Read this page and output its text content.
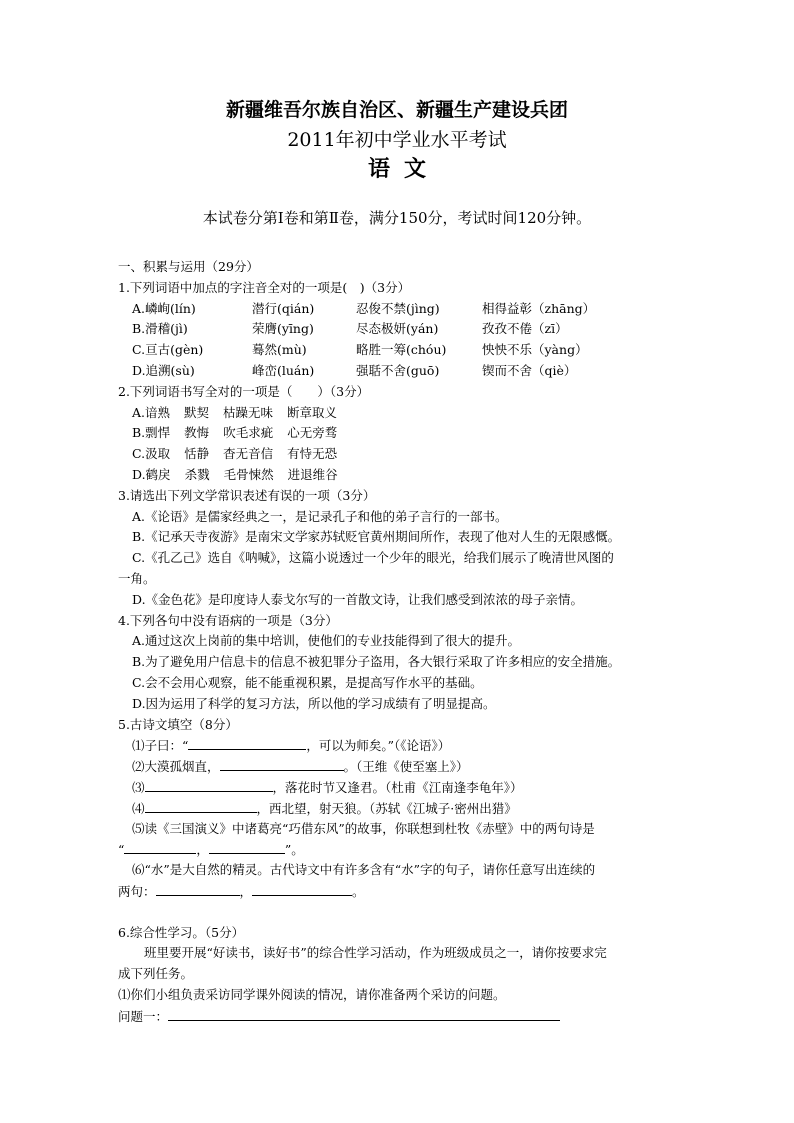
新疆维吾尔族自治区、新疆生产建设兵团
2011年初中学业水平考试
语文
本试卷分第Ⅰ卷和第Ⅱ卷，满分150分，考试时间120分钟。
一、积累与运用（29分）
1.下列词语中加点的字注音全对的一项是(　)（3分）
A.嶙峋(lín)	潜行(qián)	忍俊不禁(jìng)	相得益彰（zhāng）
B.滑稽(jì)	荣膺(yīng)	尽态极妍(yán)	孜孜不倦（zī）
C.亘古(gèn)	蓦然(mù)	略胜一筹(chóu)	怏怏不乐（yàng）
D.追溯(sù)	峰峦(luán)	强聒不舍(guō)	锲而不舍（qiè）
2.下列词语书写全对的一项是（　　）（3分）
A.谙熟 默契 枯躁无味 断章取义
B.剽悍 教悔 吹毛求疵 心无旁骛
C.汲取 恬静 杳无音信 有恃无恐
D.鹤戾 杀戮 毛骨悚然 进退维谷
3.请选出下列文学常识表述有误的一项（3分）
A.《论语》是儒家经典之一，是记录孔子和他的弟子言行的一部书。
B.《记承天寺夜游》是南宋文学家苏轼贬官黄州期间所作，表现了他对人生的无限感慨。
C.《孔乙己》选自《呐喊》，这篇小说透过一个少年的眼光，给我们展示了晚清世风图的
一角。
D.《金色花》是印度诗人泰戈尔写的一首散文诗，让我们感受到浓浓的母子亲情。
4.下列各句中没有语病的一项是（3分）
A.通过这次上岗前的集中培训，使他们的专业技能得到了很大的提升。
B.为了避免用户信息卡的信息不被犯罪分子盗用，各大银行采取了许多相应的安全措施。
C.会不会用心观察，能不能重视积累，是提高写作水平的基础。
D.因为运用了科学的复习方法，所以他的学习成绩有了明显提高。
5.古诗文填空（8分）
⑴子曰：“	，可以为师矣。”（《论语》）
⑵大漠孤烟直，	。（王维《使至塞上》）
⑶	，落花时节又逢君。（杜甫《江南逢李龟年》）
⑷	，西北望，射天狼。（苏轼《江城子·密州出猎》
⑸读《三国演义》中诸葛亮“巧借东风”的故事，你联想到杜牧《赤壁》中的两句诗是
“	，	”。
⑹“水”是大自然的精灵。古代诗文中有许多含有“水”字的句子，请你任意写出连续的
两句：	，	。
6.综合性学习。（5分）
班里要开展“好读书，读好书”的综合性学习活动，作为班级成员之一，请你按要求完
成下列任务。
⑴你们小组负责采访同学课外阅读的情况，请你准备两个采访的问题。
问题一：
